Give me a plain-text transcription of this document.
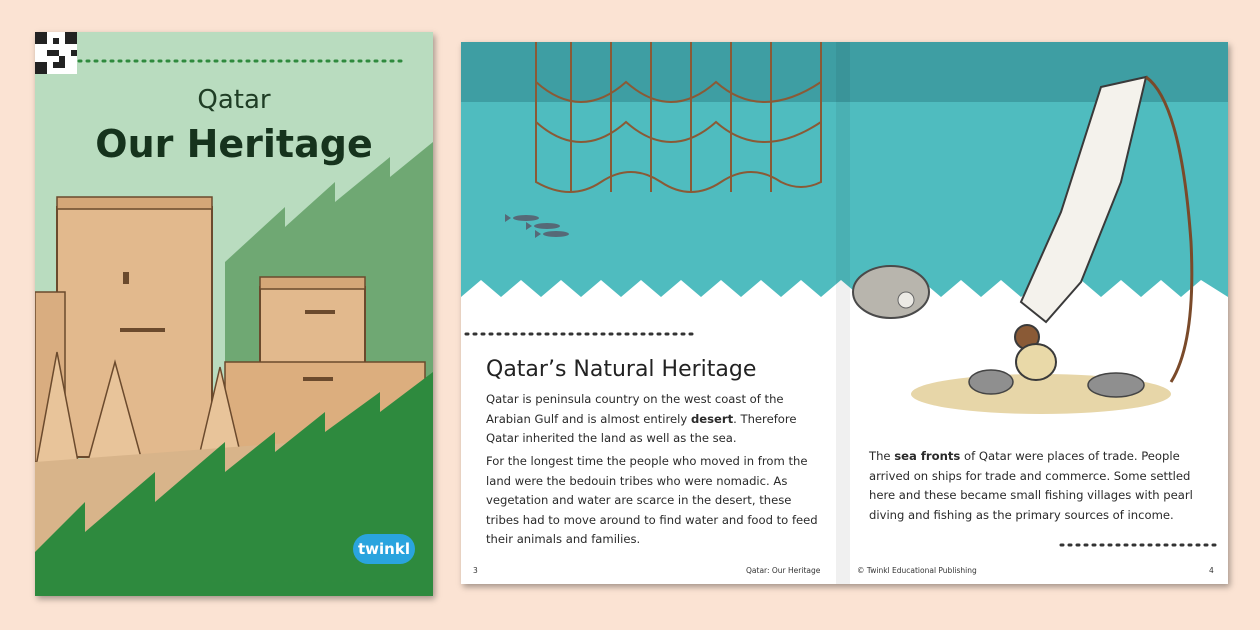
Qatar
Our Heritage
twinkl
Qatar’s Natural Heritage
Qatar is peninsula country on the west coast of the Arabian Gulf and is almost entirely desert. Therefore Qatar inherited the land as well as the sea.
For the longest time the people who moved in from the land were the bedouin tribes who were nomadic. As vegetation and water are scarce in the desert, these tribes had to move around to find water and food to feed their animals and families.
The sea fronts of Qatar were places of trade. People arrived on ships for trade and commerce. Some settled here and these became small fishing villages with pearl diving and fishing as the primary sources of income.
3	Qatar: Our Heritage	© Twinkl Educational Publishing	4
